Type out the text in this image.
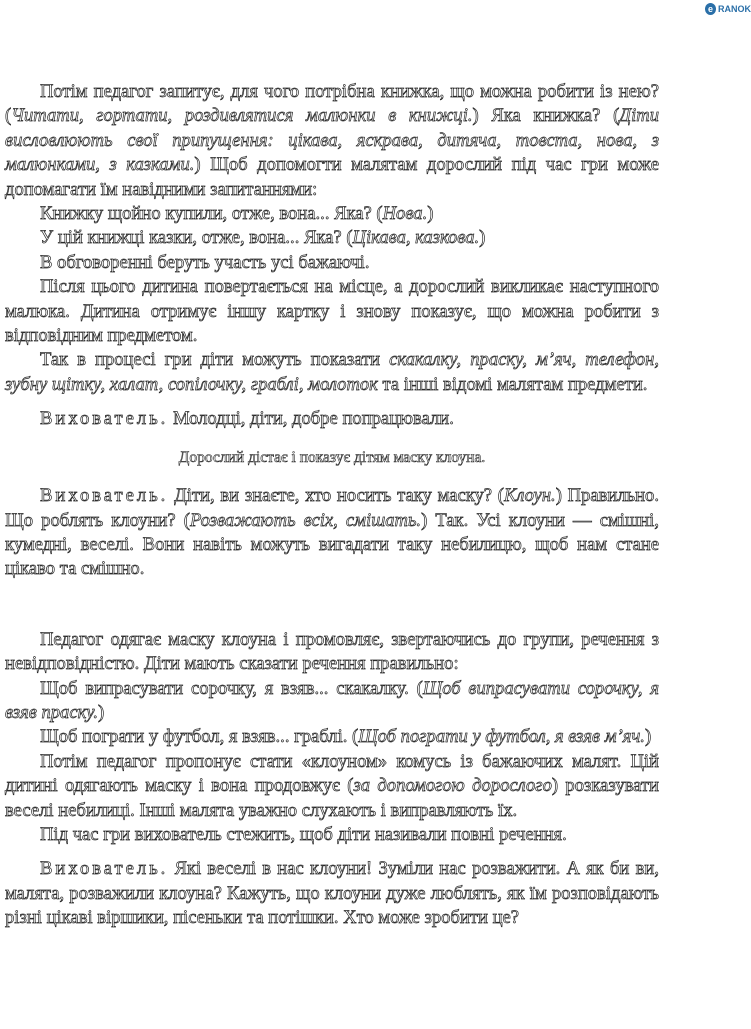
e RANOK

Потім педагог запитує, для чого потрібна книжка, що можна робити із нею? (Читати, гортати, роздивлятися малюнки в книжці.) Яка книжка? (Діти висловлюють свої припущення: цікава, яскрава, дитяча, товста, нова, з малюнками, з казками.) Щоб допомогти малятам дорослий під час гри може допомагати їм навідними запитаннями:

Книжку щойно купили, отже, вона... Яка? (Нова.)

У цій книжці казки, отже, вона... Яка? (Цікава, казкова.)

В обговоренні беруть участь усі бажаючі.

Після цього дитина повертається на місце, а дорослий викликає наступного малюка. Дитина отримує іншу картку і знову показує, що можна робити з відповідним предметом.

Так в процесі гри діти можуть показати скакалку, праску, м’яч, телефон, зубну щітку, халат, сопілочку, граблі, молоток та інші відомі малятам предмети.

Вихователь. Молодці, діти, добре попрацювали.

Дорослий дістає і показує дітям маску клоуна.

Вихователь. Діти, ви знаєте, хто носить таку маску? (Клоун.) Правильно. Що роблять клоуни? (Розважають всіх, смішать.) Так. Усі клоуни — смішні, кумедні, веселі. Вони навіть можуть вигадати таку небилицю, щоб нам стане цікаво та смішно.

Педагог одягає маску клоуна і промовляє, звертаючись до групи, речення з невідповідністю. Діти мають сказати речення правильно:

Щоб випрасувати сорочку, я взяв... скакалку. (Щоб випрасувати сорочку, я взяв праску.)

Щоб пограти у футбол, я взяв... граблі. (Щоб пограти у футбол, я взяв м’яч.)

Потім педагог пропонує стати «клоуном» комусь із бажаючих малят. Цій дитині одягають маску і вона продовжує (за допомогою дорослого) розказувати веселі небилиці. Інші малята уважно слухають і виправляють їх.

Під час гри вихователь стежить, щоб діти називали повні речення.

Вихователь. Які веселі в нас клоуни! Зуміли нас розважити. А як би ви, малята, розважили клоуна? Кажуть, що клоуни дуже люблять, як їм розповідають різні цікаві віршики, пісеньки та потішки. Хто може зробити це?
